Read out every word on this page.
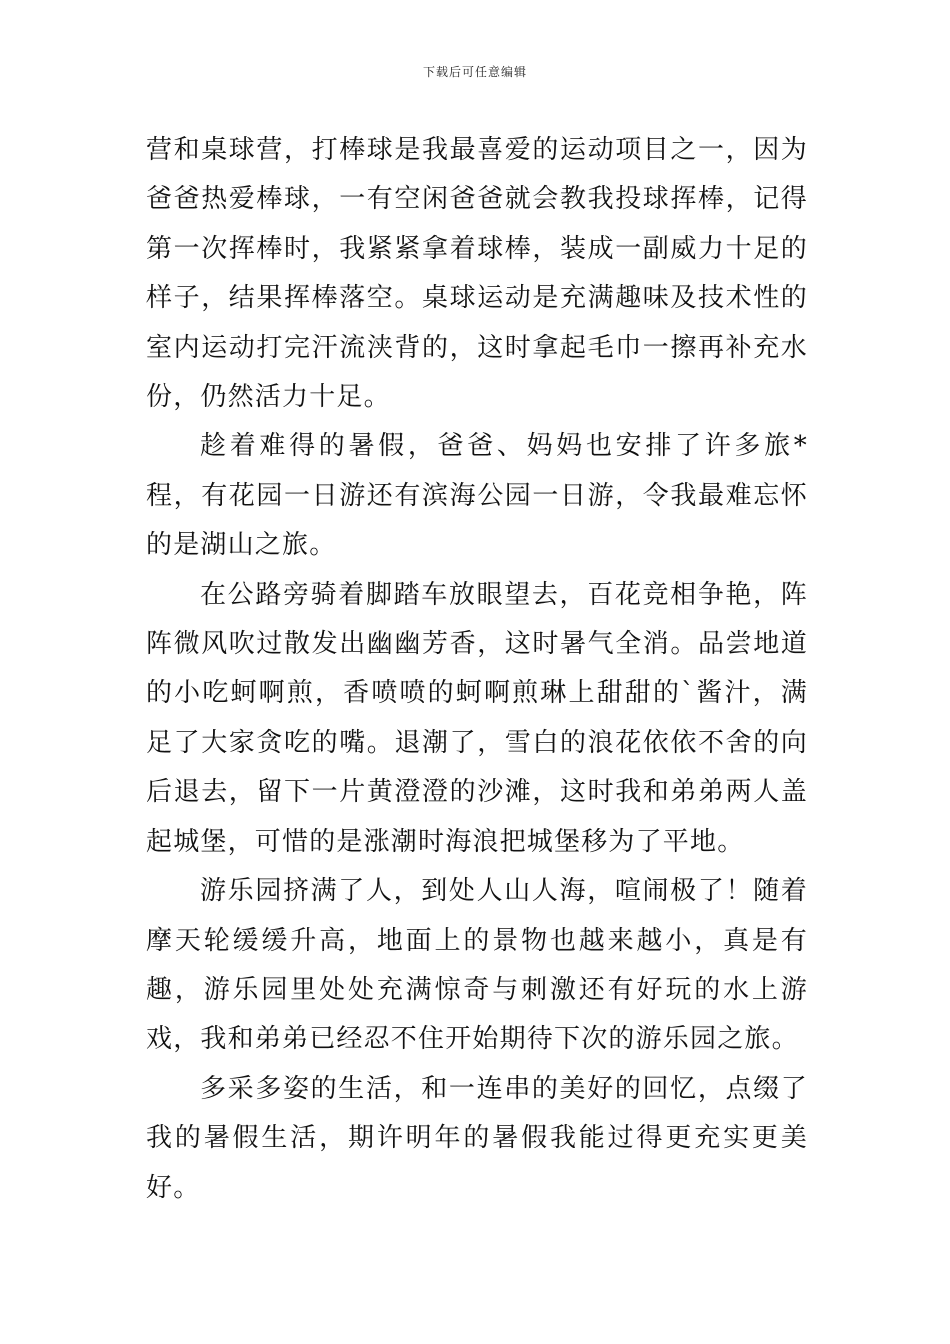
下载后可任意编辑

营和桌球营，打棒球是我最喜爱的运动项目之一，因为爸爸热爱棒球，一有空闲爸爸就会教我投球挥棒，记得第一次挥棒时，我紧紧拿着球棒，装成一副威力十足的样子，结果挥棒落空。桌球运动是充满趣味及技术性的室内运动打完汗流浃背的，这时拿起毛巾一擦再补充水份，仍然活力十足。

趁着难得的暑假，爸爸、妈妈也安排了许多旅*程，有花园一日游还有滨海公园一日游，令我最难忘怀的是湖山之旅。

在公路旁骑着脚踏车放眼望去，百花竞相争艳，阵阵微风吹过散发出幽幽芳香，这时暑气全消。品尝地道的小吃蚵啊煎，香喷喷的蚵啊煎琳上甜甜的`酱汁，满足了大家贪吃的嘴。退潮了，雪白的浪花依依不舍的向后退去，留下一片黄澄澄的沙滩，这时我和弟弟两人盖起城堡，可惜的是涨潮时海浪把城堡移为了平地。

游乐园挤满了人，到处人山人海，喧闹极了！随着摩天轮缓缓升高，地面上的景物也越来越小，真是有趣，游乐园里处处充满惊奇与刺激还有好玩的水上游戏，我和弟弟已经忍不住开始期待下次的游乐园之旅。

多采多姿的生活，和一连串的美好的回忆，点缀了我的暑假生活，期许明年的暑假我能过得更充实更美好。
